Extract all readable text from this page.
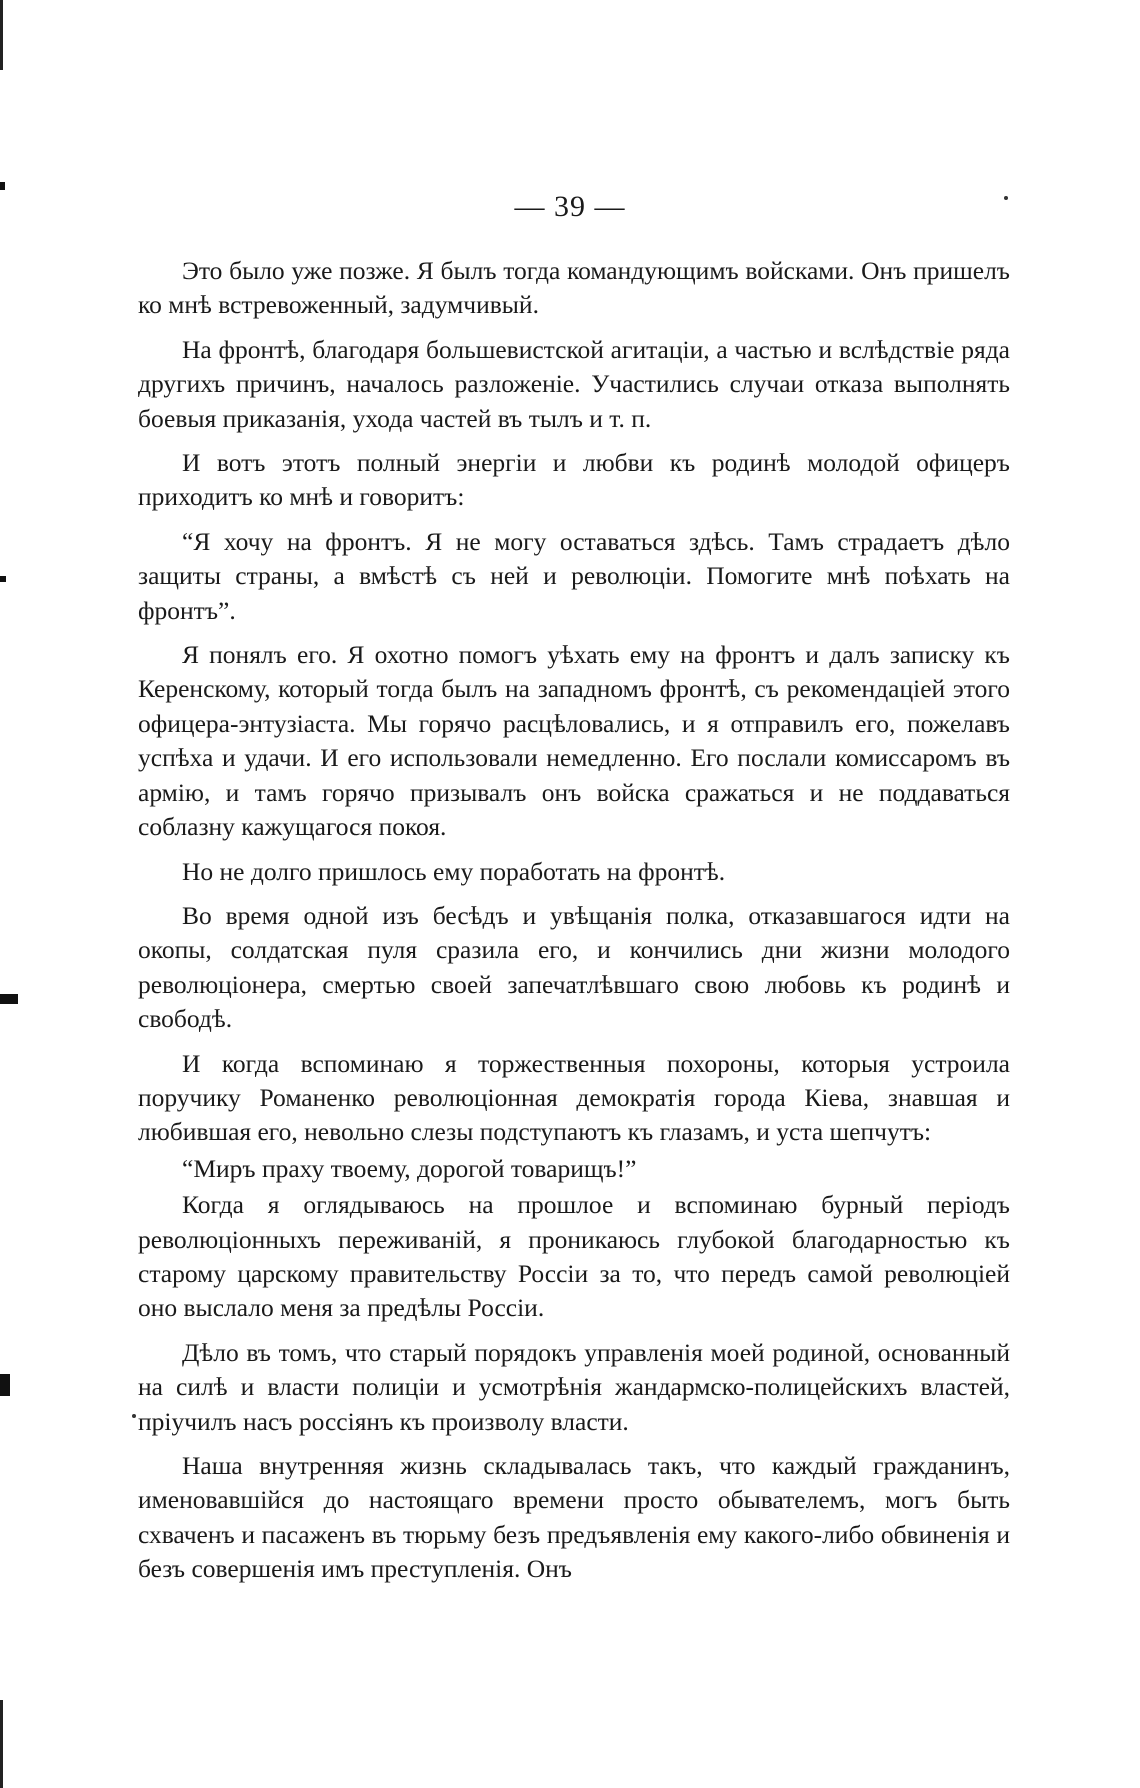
— 39 —

Это было уже позже. Я былъ тогда командующимъ войсками. Онъ пришелъ ко мнѣ встревоженный, задумчивый.

На фронтѣ, благодаря большевистской агитаціи, а частью и вслѣдствіе ряда другихъ причинъ, началось разложеніе. Участились случаи отказа выполнять боевыя приказанія, ухода частей въ тылъ и т. п.

И вотъ этотъ полный энергіи и любви къ родинѣ молодой офицеръ приходитъ ко мнѣ и говоритъ:

“Я хочу на фронтъ. Я не могу оставаться здѣсь. Тамъ страдаетъ дѣло защиты страны, а вмѣстѣ съ ней и революціи. Помогите мнѣ поѣхать на фронтъ”.

Я понялъ его. Я охотно помогъ уѣхать ему на фронтъ и далъ записку къ Керенскому, который тогда былъ на западномъ фронтѣ, съ рекомендаціей этого офицера-энтузіаста. Мы горячо расцѣловались, и я отправилъ его, пожелавъ успѣха и удачи. И его использовали немедленно. Его послали комиссаромъ въ армію, и тамъ горячо призывалъ онъ войска сражаться и не поддаваться соблазну кажущагося покоя.

Но не долго пришлось ему поработать на фронтѣ.

Во время одной изъ бесѣдъ и увѣщанія полка, отказавшагося идти на окопы, солдатская пуля сразила его, и кончились дни жизни молодого революціонера, смертью своей запечатлѣвшаго свою любовь къ родинѣ и свободѣ.

И когда вспоминаю я торжественныя похороны, которыя устроила поручику Романенко революціонная демократія города Кіева, знавшая и любившая его, невольно слезы подступаютъ къ глазамъ, и уста шепчутъ:

“Миръ праху твоему, дорогой товарищъ!”

Когда я оглядываюсь на прошлое и вспоминаю бурный періодъ революціонныхъ переживаній, я проникаюсь глубокой благодарностью къ старому царскому правительству Россіи за то, что передъ самой революціей оно выслало меня за предѣлы Россіи.

Дѣло въ томъ, что старый порядокъ управленія моей родиной, основанный на силѣ и власти полиціи и усмотрѣнія жандармско-полицейскихъ властей, пріучилъ насъ россіянъ къ произволу власти.

Наша внутренняя жизнь складывалась такъ, что каждый гражданинъ, именовавшійся до настоящаго времени просто обывателемъ, могъ быть схваченъ и пасаженъ въ тюрьму безъ предъявленія ему какого-либо обвиненія и безъ совершенія имъ преступленія. Онъ
